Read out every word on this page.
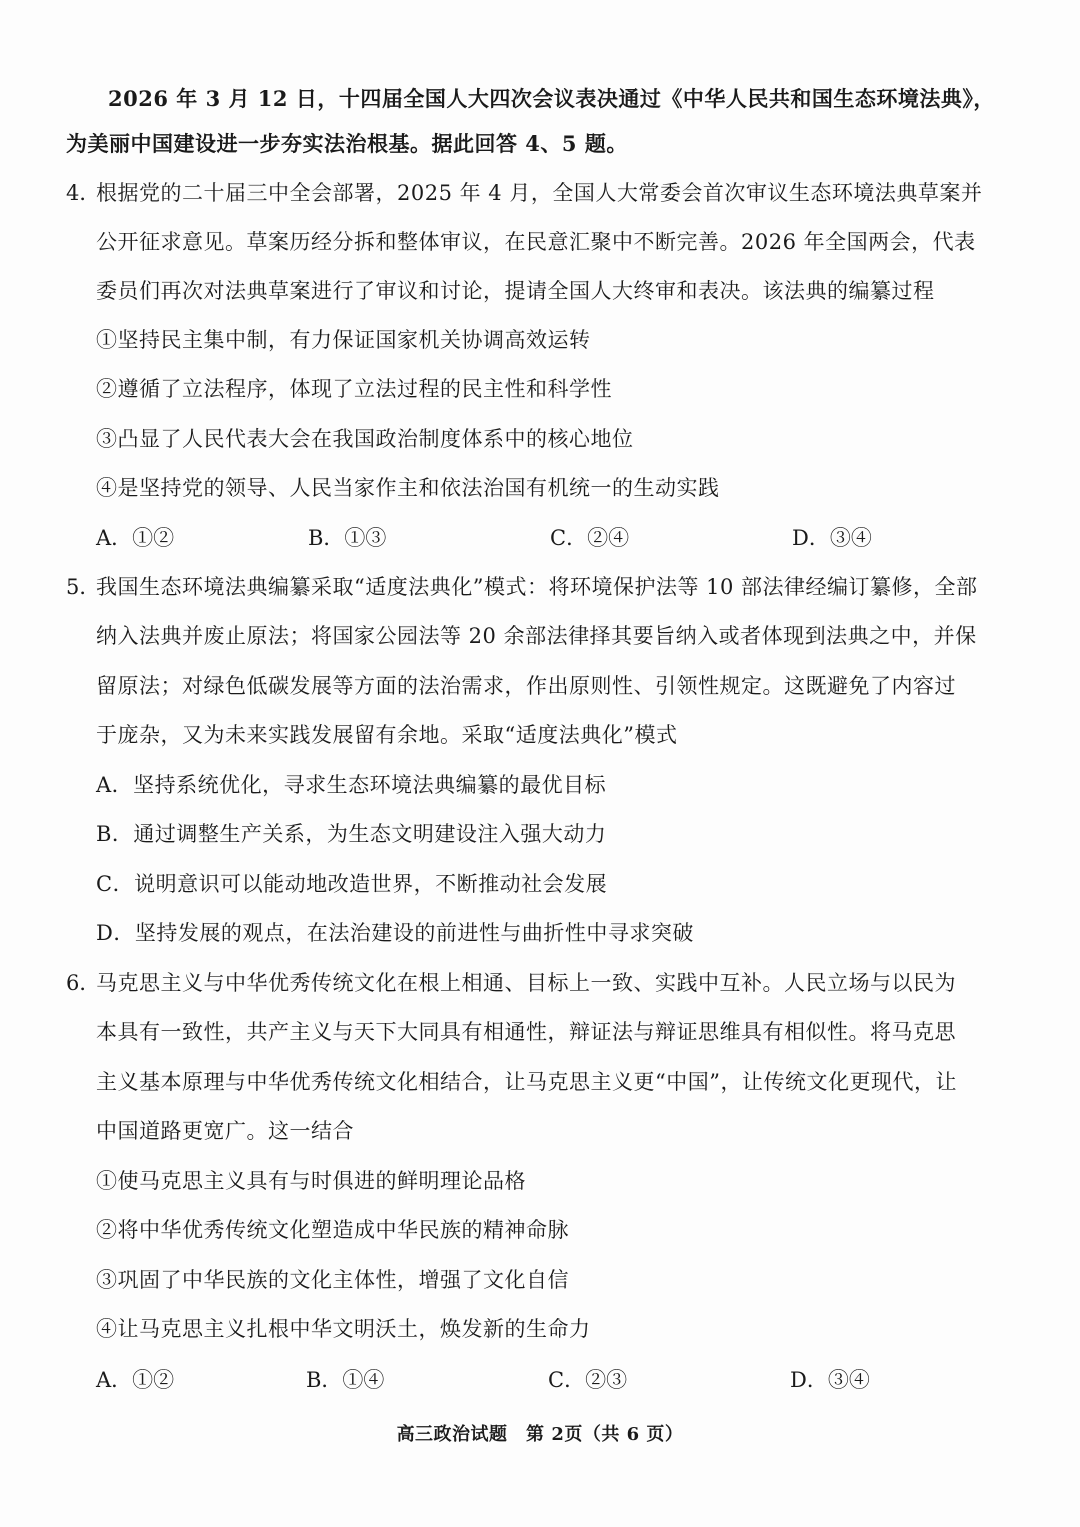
2026 年 3 月 12 日，十四届全国人大四次会议表决通过《中华人民共和国生态环境法典》，
为美丽中国建设进一步夯实法治根基。据此回答 4、5 题。
4．
根据党的二十届三中全会部署，2025 年 4 月，全国人大常委会首次审议生态环境法典草案并
公开征求意见。草案历经分拆和整体审议，在民意汇聚中不断完善。2026 年全国两会，代表
委员们再次对法典草案进行了审议和讨论，提请全国人大终审和表决。该法典的编纂过程
①坚持民主集中制，有力保证国家机关协调高效运转
②遵循了立法程序，体现了立法过程的民主性和科学性
③凸显了人民代表大会在我国政治制度体系中的核心地位
④是坚持党的领导、人民当家作主和依法治国有机统一的生动实践
A．①②	B．①③	C．②④	D．③④
5．
我国生态环境法典编纂采取“适度法典化”模式：将环境保护法等 10 部法律经编订纂修，全部
纳入法典并废止原法；将国家公园法等 20 余部法律择其要旨纳入或者体现到法典之中，并保
留原法；对绿色低碳发展等方面的法治需求，作出原则性、引领性规定。这既避免了内容过
于庞杂，又为未来实践发展留有余地。采取“适度法典化”模式
A．坚持系统优化，寻求生态环境法典编纂的最优目标
B．通过调整生产关系，为生态文明建设注入强大动力
C．说明意识可以能动地改造世界，不断推动社会发展
D．坚持发展的观点，在法治建设的前进性与曲折性中寻求突破
6．
马克思主义与中华优秀传统文化在根上相通、目标上一致、实践中互补。人民立场与以民为
本具有一致性，共产主义与天下大同具有相通性，辩证法与辩证思维具有相似性。将马克思
主义基本原理与中华优秀传统文化相结合，让马克思主义更“中国”，让传统文化更现代，让
中国道路更宽广。这一结合
①使马克思主义具有与时俱进的鲜明理论品格
②将中华优秀传统文化塑造成中华民族的精神命脉
③巩固了中华民族的文化主体性，增强了文化自信
④让马克思主义扎根中华文明沃土，焕发新的生命力
A．①②	B．①④	C．②③	D．③④
高三政治试题　第 2页（共 6 页）
